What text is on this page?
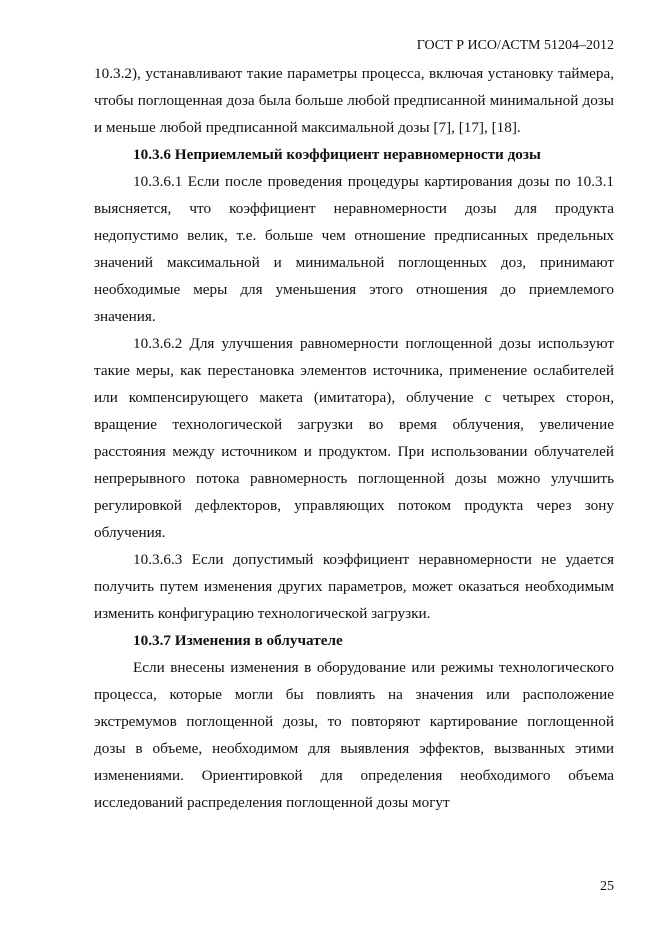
ГОСТ Р ИСО/АСТМ 51204–2012

10.3.2), устанавливают такие параметры процесса, включая установку таймера, чтобы поглощенная доза была больше любой предписанной минимальной дозы и меньше любой предписанной максимальной дозы [7], [17], [18].

10.3.6 Неприемлемый коэффициент неравномерности дозы

10.3.6.1 Если после проведения процедуры картирования дозы по 10.3.1 выясняется, что коэффициент неравномерности дозы для продукта недопустимо велик, т.е. больше чем отношение предписанных предельных значений максимальной и минимальной поглощенных доз, принимают необходимые меры для уменьшения этого отношения до приемлемого значения.

10.3.6.2 Для улучшения равномерности поглощенной дозы используют такие меры, как перестановка элементов источника, применение ослабителей или компенсирующего макета (имитатора), облучение с четырех сторон, вращение технологической загрузки во время облучения, увеличение расстояния между источником и продуктом. При использовании облучателей непрерывного потока равномерность поглощенной дозы можно улучшить регулировкой дефлекторов, управляющих потоком продукта через зону облучения.

10.3.6.3 Если допустимый коэффициент неравномерности не удается получить путем изменения других параметров, может оказаться необходимым изменить конфигурацию технологической загрузки.

10.3.7 Изменения в облучателе

Если внесены изменения в оборудование или режимы технологического процесса, которые могли бы повлиять на значения или расположение экстремумов поглощенной дозы, то повторяют картирование поглощенной дозы в объеме, необходимом для выявления эффектов, вызванных этими изменениями. Ориентировкой для определения необходимого объема исследований распределения поглощенной дозы могут

25
